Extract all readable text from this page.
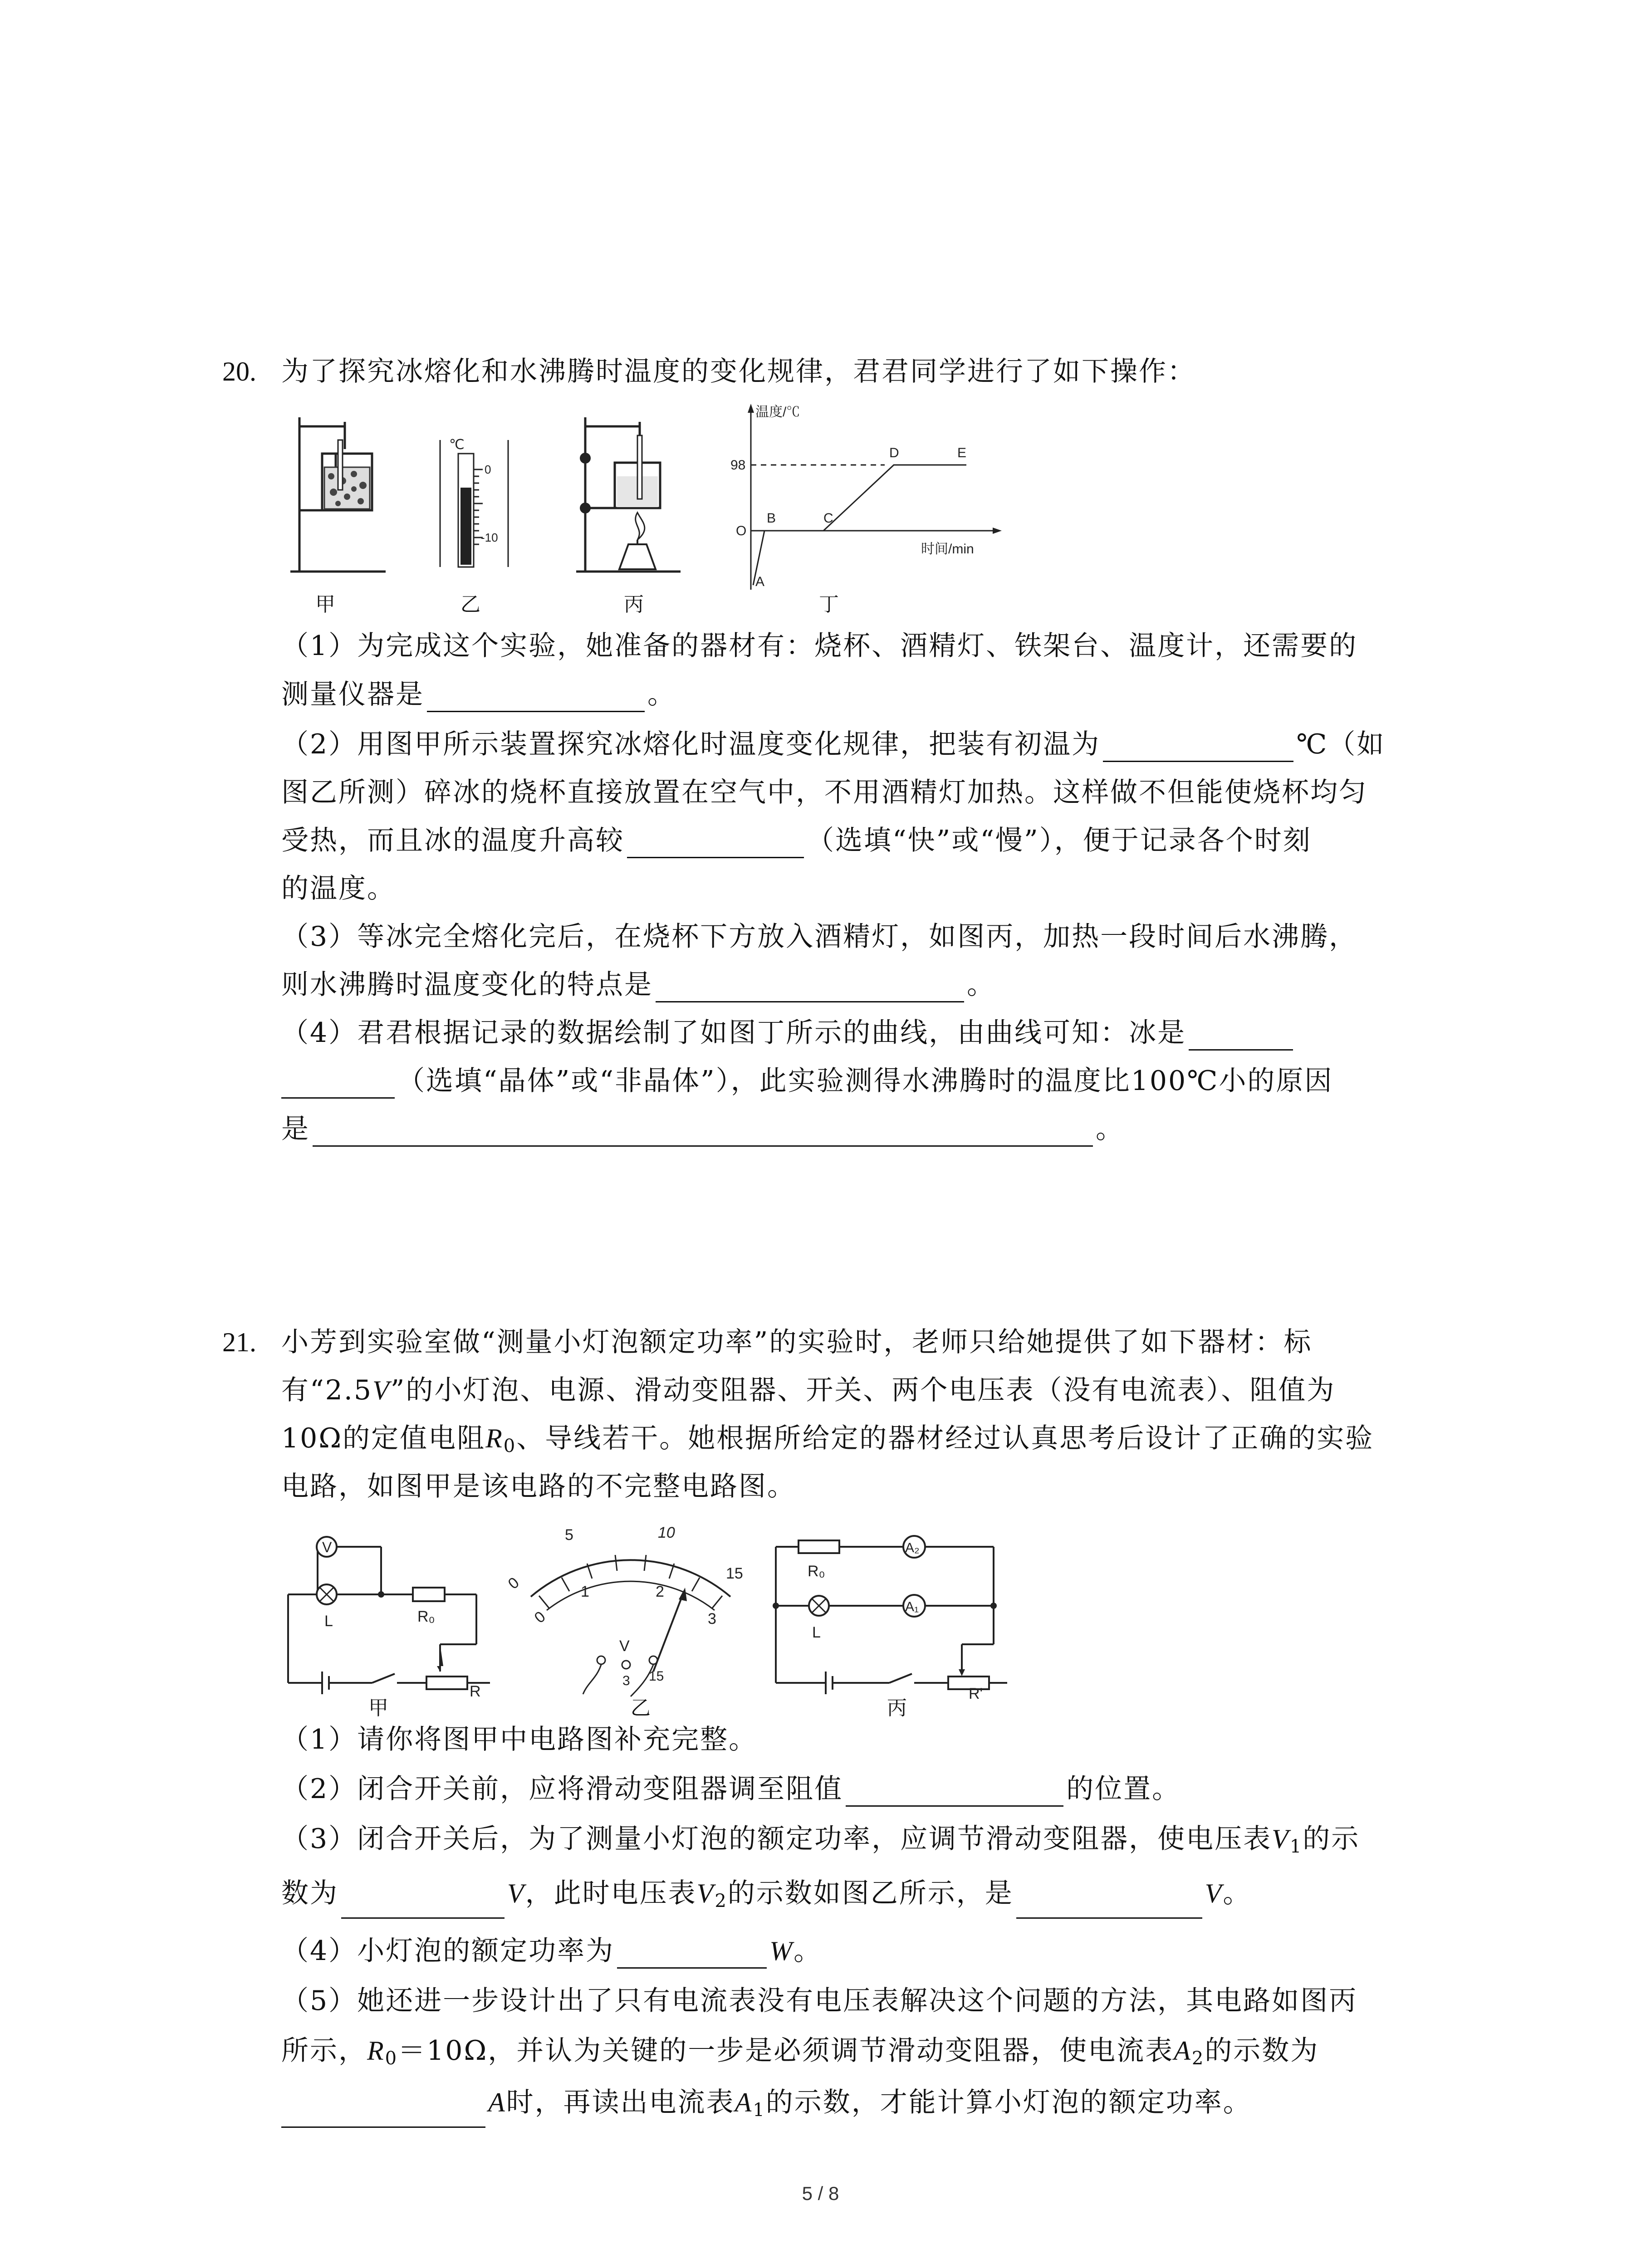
20. 为了探究冰熔化和水沸腾时温度的变化规律，君君同学进行了如下操作：
℃
0
-10
温度/℃
时间/min
98
O
A
B	C
D	E
甲	乙	丙	丁
（1）为完成这个实验，她准备的器材有：烧杯、酒精灯、铁架台、温度计，还需要的
测量仪器是	。
（2）用图甲所示装置探究冰熔化时温度变化规律，把装有初温为	℃（如
图乙所测）碎冰的烧杯直接放置在空气中，不用酒精灯加热。这样做不但能使烧杯均匀
受热，而且冰的温度升高较	（选填“快”或“慢”），便于记录各个时刻
的温度。
（3）等冰完全熔化完后，在烧杯下方放入酒精灯，如图丙，加热一段时间后水沸腾，
则水沸腾时温度变化的特点是	。
（4）君君根据记录的数据绘制了如图丁所示的曲线，由曲线可知：冰是
（选填“晶体”或“非晶体”），此实验测得水沸腾时的温度比100℃小的原因
是	。
21. 小芳到实验室做“测量小灯泡额定功率”的实验时，老师只给她提供了如下器材：标
有“2.5V”的小灯泡、电源、滑动变阻器、开关、两个电压表（没有电流表）、阻值为
10Ω的定值电阻$R_0$、导线若干。她根据所给定的器材经过认真思考后设计了正确的实验
电路，如图甲是该电路的不完整电路图。
V
L	R₀
R
0
1	2
3
0
5	10
15
V
3 15
A₂
A₁
R₀
L
R'
甲	乙	丙
（1）请你将图甲中电路图补充完整。
（2）闭合开关前，应将滑动变阻器调至阻值	的位置。
（3）闭合开关后，为了测量小灯泡的额定功率，应调节滑动变阻器，使电压表$V_1$的示
数为	V，此时电压表$V_2$的示数如图乙所示，是	V。
（4）小灯泡的额定功率为	W。
（5）她还进一步设计出了只有电流表没有电压表解决这个问题的方法，其电路如图丙
所示，$R_0=10\Omega$，并认为关键的一步是必须调节滑动变阻器，使电流表$A_2$的示数为
A时，再读出电流表$A_1$的示数，才能计算小灯泡的额定功率。
5 / 8
